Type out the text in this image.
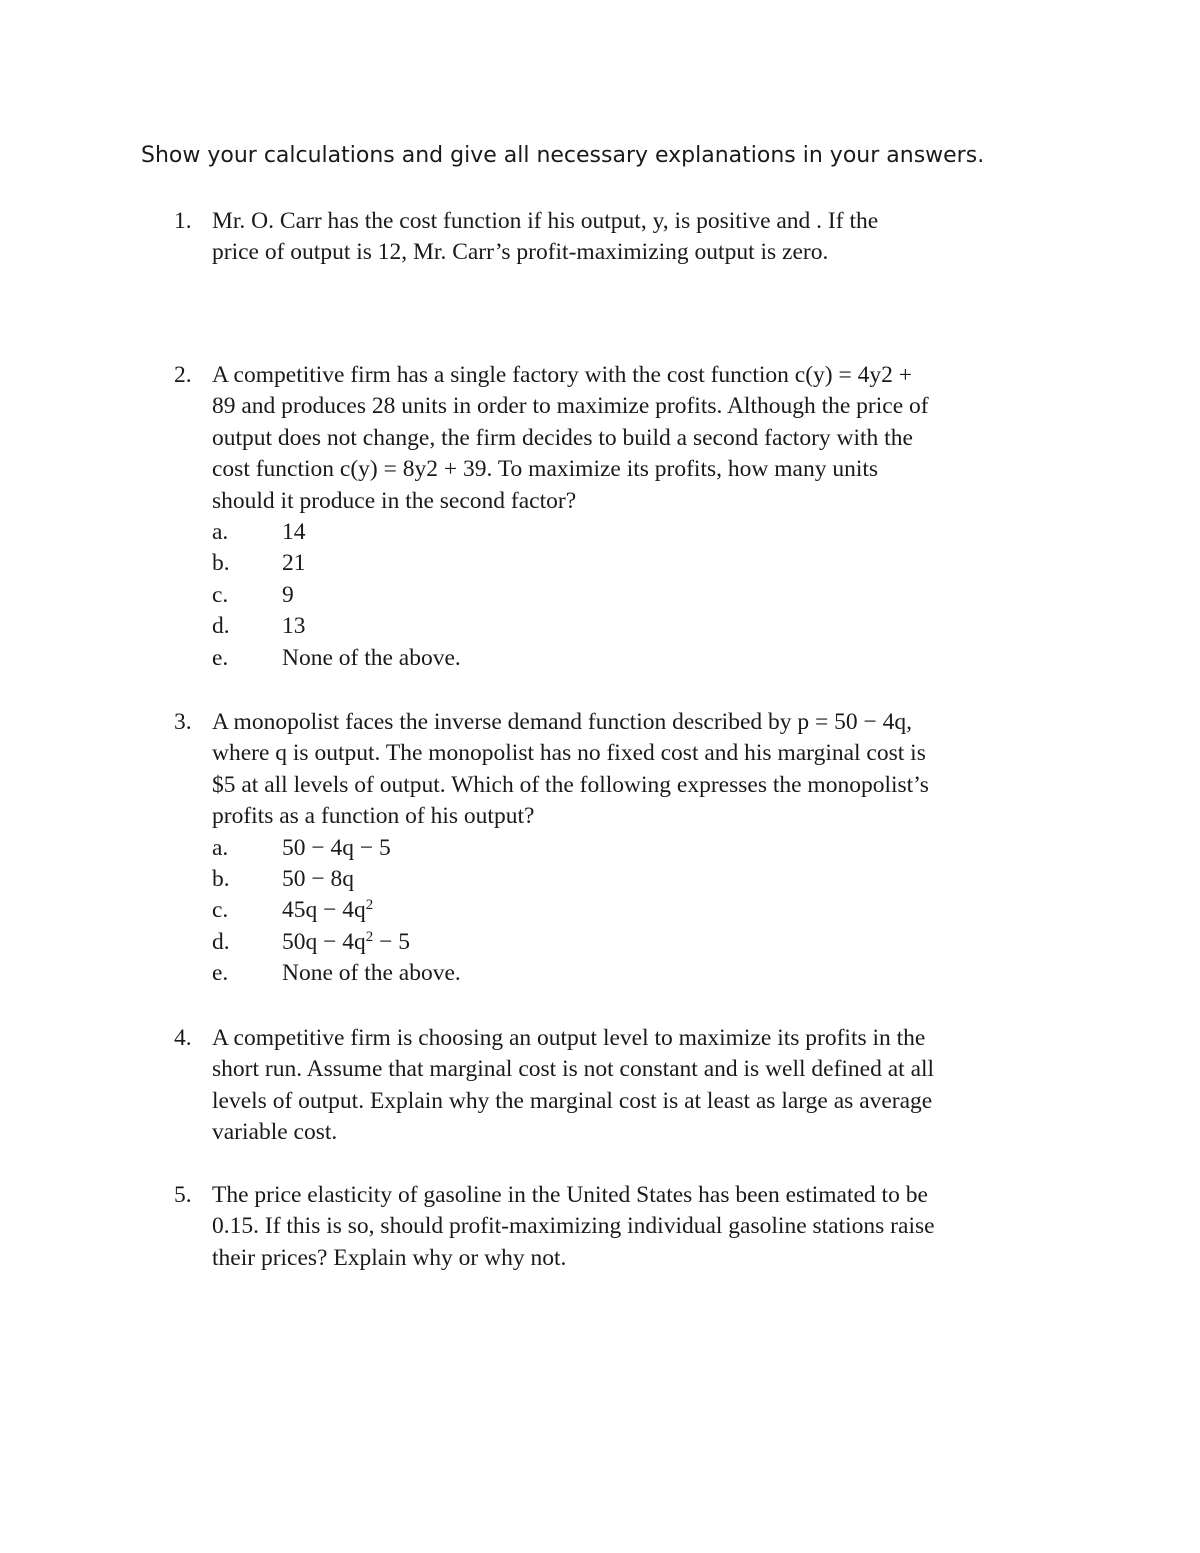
Show your calculations and give all necessary explanations in your answers.
1. Mr. O. Carr has the cost function if his output, y, is positive and . If the
price of output is 12, Mr. Carr’s profit-maximizing output is zero.
2. A competitive firm has a single factory with the cost function c(y) = 4y2 +
89 and produces 28 units in order to maximize profits. Although the price of
output does not change, the firm decides to build a second factory with the
cost function c(y) = 8y2 + 39. To maximize its profits, how many units
should it produce in the second factor?
a. 14
b. 21
c. 9
d. 13
e. None of the above.
3. A monopolist faces the inverse demand function described by p = 50 − 4q,
where q is output. The monopolist has no fixed cost and his marginal cost is
$5 at all levels of output. Which of the following expresses the monopolist’s
profits as a function of his output?
a. 50 − 4q − 5
b. 50 − 8q
c. $45q - 4q^2$
d. $50q - 4q^2 - 5$
e. None of the above.
4. A competitive firm is choosing an output level to maximize its profits in the
short run. Assume that marginal cost is not constant and is well defined at all
levels of output. Explain why the marginal cost is at least as large as average
variable cost.
5. The price elasticity of gasoline in the United States has been estimated to be
0.15. If this is so, should profit-maximizing individual gasoline stations raise
their prices? Explain why or why not.
